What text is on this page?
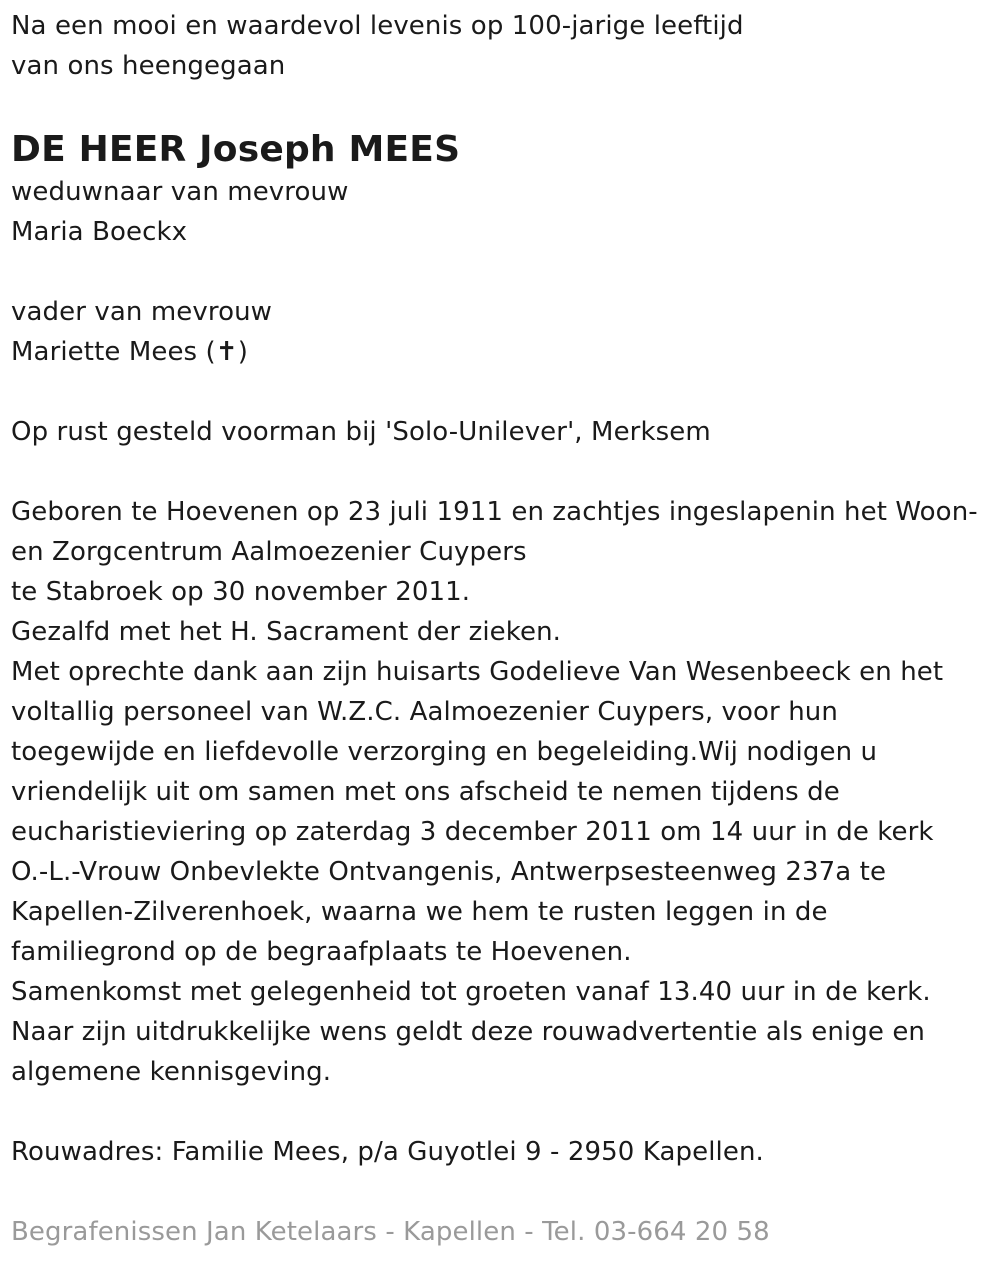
Na een mooi en waardevol levenis op 100-jarige leeftijd
van ons heengegaan
DE HEER Joseph MEES
weduwnaar van mevrouw
Maria Boeckx
vader van mevrouw
Mariette Mees (✝)
Op rust gesteld voorman bij 'Solo-Unilever', Merksem
Geboren te Hoevenen op 23 juli 1911 en zachtjes ingeslapenin het Woon-
en Zorgcentrum Aalmoezenier Cuypers
te Stabroek op 30 november 2011.
Gezalfd met het H. Sacrament der zieken.
Met oprechte dank aan zijn huisarts Godelieve Van Wesenbeeck en het
voltallig personeel van W.Z.C. Aalmoezenier Cuypers, voor hun
toegewijde en liefdevolle verzorging en begeleiding.Wij nodigen u
vriendelijk uit om samen met ons afscheid te nemen tijdens de
eucharistieviering op zaterdag 3 december 2011 om 14 uur in de kerk
O.-L.-Vrouw Onbevlekte Ontvangenis, Antwerpsesteenweg 237a te
Kapellen-Zilverenhoek, waarna we hem te rusten leggen in de
familiegrond op de begraafplaats te Hoevenen.
Samenkomst met gelegenheid tot groeten vanaf 13.40 uur in de kerk.
Naar zijn uitdrukkelijke wens geldt deze rouwadvertentie als enige en
algemene kennisgeving.
Rouwadres: Familie Mees, p/a Guyotlei 9 - 2950 Kapellen.
Begrafenissen Jan Ketelaars - Kapellen - Tel. 03-664 20 58
